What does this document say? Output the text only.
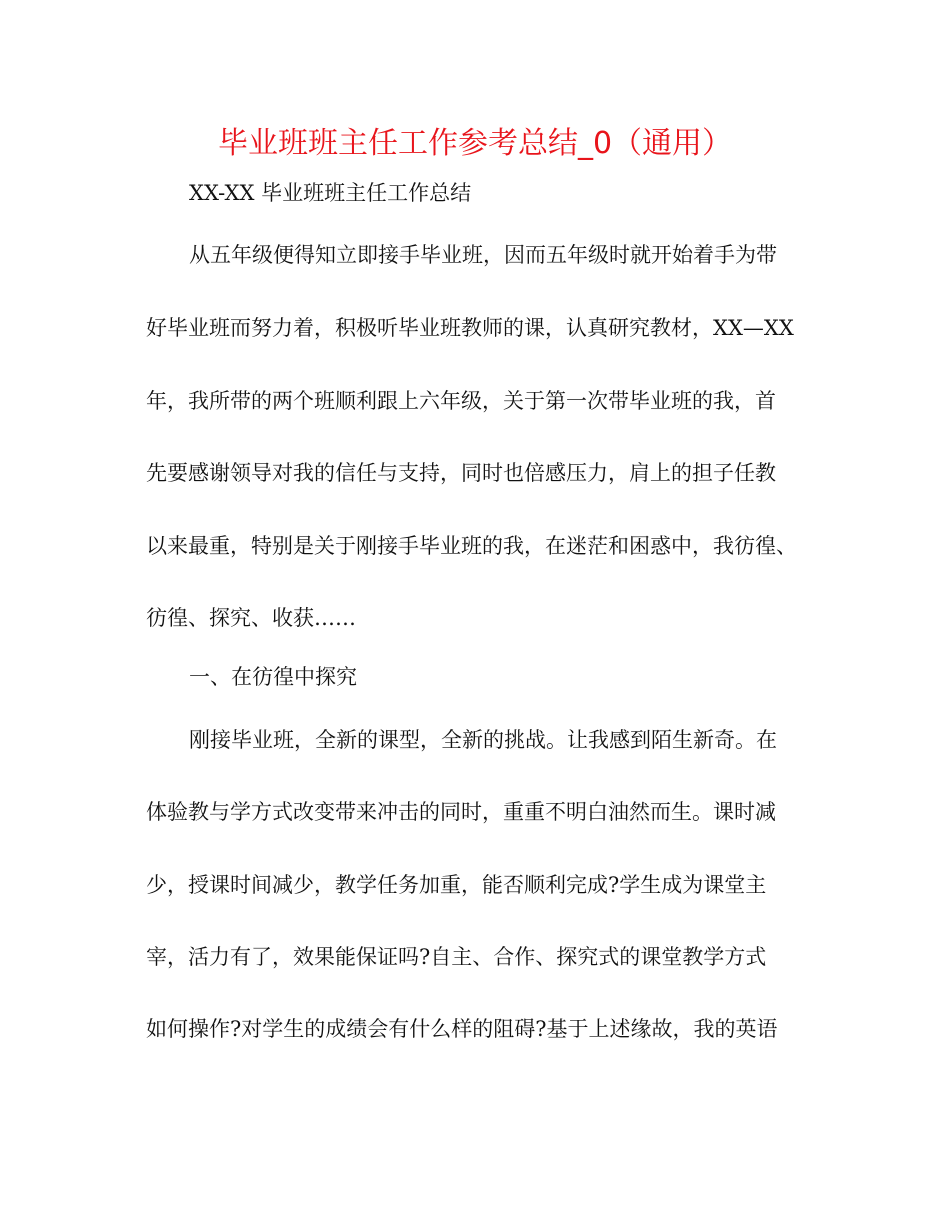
毕业班班主任工作参考总结_0（通用）
XX-XX 毕业班班主任工作总结
从五年级便得知立即接手毕业班，因而五年级时就开始着手为带
好毕业班而努力着，积极听毕业班教师的课，认真研究教材，XX—XX
年，我所带的两个班顺利跟上六年级，关于第一次带毕业班的我，首
先要感谢领导对我的信任与支持，同时也倍感压力，肩上的担子任教
以来最重，特别是关于刚接手毕业班的我，在迷茫和困惑中，我彷徨、
彷徨、探究、收获……
一、在彷徨中探究
刚接毕业班，全新的课型，全新的挑战。让我感到陌生新奇。在
体验教与学方式改变带来冲击的同时，重重不明白油然而生。课时减
少，授课时间减少，教学任务加重，能否顺利完成?学生成为课堂主
宰，活力有了，效果能保证吗?自主、合作、探究式的课堂教学方式
如何操作?对学生的成绩会有什么样的阻碍?基于上述缘故，我的英语
